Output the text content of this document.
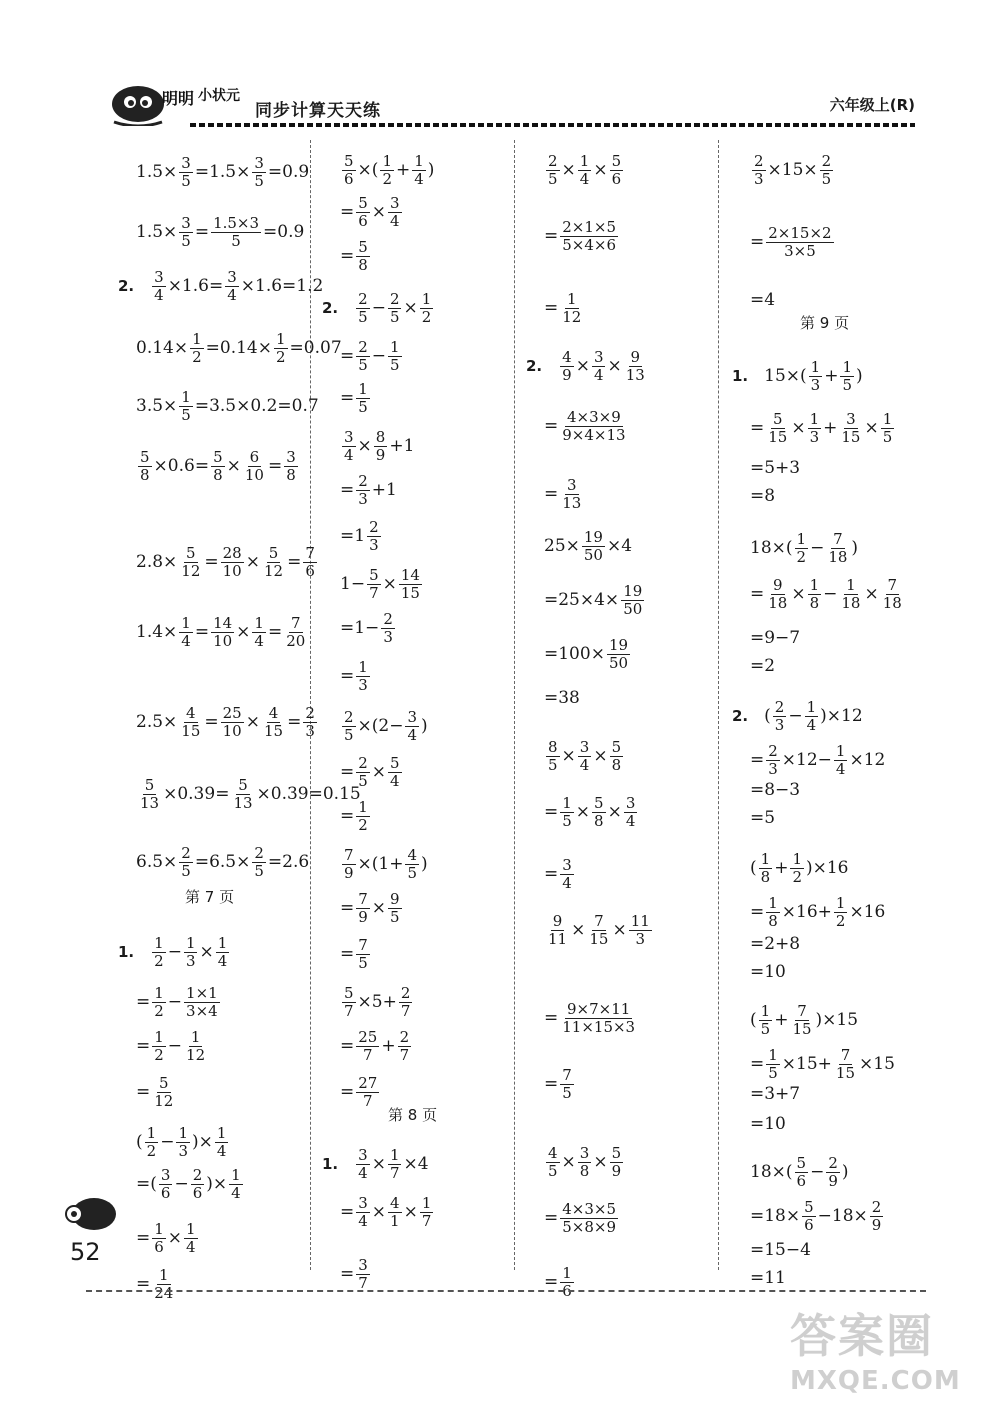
明明 小状元
同步计算天天练	六年级上(R)
$1.5\times \frac{3}{5} =1.5\times \frac{3}{5} =0.9$
$1.5\times \frac{3}{5} = \frac{1.5\times 3}{5} =0.9$
2. $\frac{3}{4} \times 1.6= \frac{3}{4} \times 1.6=1.2$
$0.14\times \frac{1}{2} =0.14\times \frac{1}{2} =0.07$
$3.5\times \frac{1}{5} =3.5\times 0.2=0.7$
$\frac{5}{8} \times 0.6= \frac{5}{8} \times \frac{6}{10} = \frac{3}{8}$
$2.8\times \frac{5}{12} = \frac{28}{10} \times \frac{5}{12} = \frac{7}{6}$
$1.4\times \frac{1}{4} = \frac{14}{10} \times \frac{1}{4} = \frac{7}{20}$
$2.5\times \frac{4}{15} = \frac{25}{10} \times \frac{4}{15} = \frac{2}{3}$
$\frac{5}{13} \times 0.39= \frac{5}{13} \times 0.39=0.15$
$6.5\times \frac{2}{5} =6.5\times \frac{2}{5} =2.6$
1. $\frac{1}{2} - \frac{1}{3} \times \frac{1}{4}$
= $\frac{1}{2} - \frac{1\times 1}{3\times 4}$
= $\frac{1}{2} - \frac{1}{12}$
= $\frac{5}{12}$
( $\frac{1}{2} - \frac{1}{3}$ )× $\frac{1}{4}$
=( $\frac{3}{6} - \frac{2}{6}$ )× $\frac{1}{4}$
= $\frac{1}{6} \times \frac{1}{4}$
= $\frac{1}{24}$
$\frac{5}{6}$ ×( $\frac{1}{2} + \frac{1}{4}$ )
= $\frac{5}{6} \times \frac{3}{4}$
= $\frac{5}{8}$
2. $\frac{2}{5} - \frac{2}{5} \times \frac{1}{2}$
= $\frac{2}{5} - \frac{1}{5}$
= $\frac{1}{5}$
$\frac{3}{4} \times \frac{8}{9} +1$
= $\frac{2}{3} +1$
$=1 \frac{2}{3}$
$1- \frac{5}{7} \times \frac{14}{15}$
$=1- \frac{2}{3}$
= $\frac{1}{3}$
$\frac{2}{5} \times(2- \frac{3}{4}$ )
= $\frac{2}{5} \times \frac{5}{4}$
= $\frac{1}{2}$
$\frac{7}{9} \times(1+ \frac{4}{5}$ )
= $\frac{7}{9} \times \frac{9}{5}$
= $\frac{7}{5}$
$\frac{5}{7} \times 5+ \frac{2}{7}$
= $\frac{25}{7} + \frac{2}{7}$
= $\frac{27}{7}$
1. $\frac{3}{4} \times \frac{1}{7} \times 4$
= $\frac{3}{4} \times \frac{4}{1} \times \frac{1}{7}$
= $\frac{3}{7}$
$\frac{2}{5} \times \frac{1}{4} \times \frac{5}{6}$
= $\frac{2\times 1\times 5}{5\times 4\times 6}$
= $\frac{1}{12}$
2. $\frac{4}{9} \times \frac{3}{4} \times \frac{9}{13}$
= $\frac{4\times 3\times 9}{9\times 4\times 13}$
= $\frac{3}{13}$
$25\times \frac{19}{50} \times 4$
$=25\times 4\times \frac{19}{50}$
$=100\times \frac{19}{50}$
=38
$\frac{8}{5} \times \frac{3}{4} \times \frac{5}{8}$
= $\frac{1}{5} \times \frac{5}{8} \times \frac{3}{4}$
= $\frac{3}{4}$
$\frac{9}{11} \times \frac{7}{15} \times \frac{11}{3}$
= $\frac{9\times 7\times 11}{11\times 15\times 3}$
= $\frac{7}{5}$
$\frac{4}{5} \times \frac{3}{8} \times \frac{5}{9}$
= $\frac{4\times 3\times 5}{5\times 8\times 9}$
= $\frac{1}{6}$
$\frac{2}{3} \times 15\times \frac{2}{5}$
= $\frac{2\times 15\times 2}{3\times 5}$
=4
1. $15\times( \frac{1}{3} + \frac{1}{5}$ )
= $\frac{5}{15} \times \frac{1}{3} + \frac{3}{15} \times \frac{1}{5}$
=5+3
=8
$18\times( \frac{1}{2} - \frac{7}{18}$ )
= $\frac{9}{18} \times \frac{1}{8} - \frac{1}{18} \times \frac{7}{18}$
=9−7
=2
2. ( $\frac{2}{3} - \frac{1}{4} )\times 12$
= $\frac{2}{3} \times 12- \frac{1}{4} \times 12$
=8−3
=5
( $\frac{1}{8} + \frac{1}{2} )\times 16$
= $\frac{1}{8} \times 16+ \frac{1}{2} \times 16$
=2+8
=10
( $\frac{1}{5} + \frac{7}{15} )\times 15$
= $\frac{1}{5} \times 15+ \frac{7}{15} \times 15$
=3+7
=10
$18\times( \frac{5}{6} - \frac{2}{9}$ )
$=18\times \frac{5}{6} -18\times \frac{2}{9}$
=15−4
=11
第 7 页
第 8 页
第 9 页
52
答案圈
MXQE.COM
